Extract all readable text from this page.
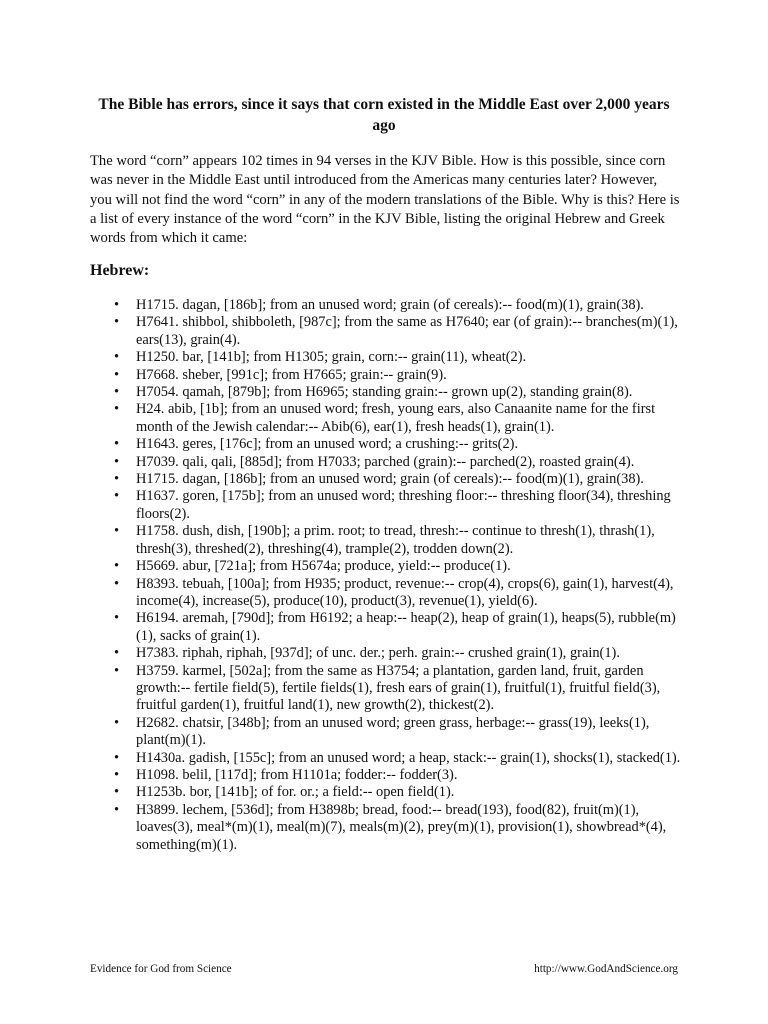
The Bible has errors, since it says that corn existed in the Middle East over 2,000 years ago

The word “corn” appears 102 times in 94 verses in the KJV Bible. How is this possible, since corn was never in the Middle East until introduced from the Americas many centuries later? However, you will not find the word “corn” in any of the modern translations of the Bible. Why is this? Here is a list of every instance of the word “corn” in the KJV Bible, listing the original Hebrew and Greek words from which it came:

Hebrew:
• H1715. dagan, [186b]; from an unused word; grain (of cereals):-- food(m)(1), grain(38).
• H7641. shibbol, shibboleth, [987c]; from the same as H7640; ear (of grain):-- branches(m)(1), ears(13), grain(4).
• H1250. bar, [141b]; from H1305; grain, corn:-- grain(11), wheat(2).
• H7668. sheber, [991c]; from H7665; grain:-- grain(9).
• H7054. qamah, [879b]; from H6965; standing grain:-- grown up(2), standing grain(8).
• H24. abib, [1b]; from an unused word; fresh, young ears, also Canaanite name for the first month of the Jewish calendar:-- Abib(6), ear(1), fresh heads(1), grain(1).
• H1643. geres, [176c]; from an unused word; a crushing:-- grits(2).
• H7039. qali, qali, [885d]; from H7033; parched (grain):-- parched(2), roasted grain(4).
• H1715. dagan, [186b]; from an unused word; grain (of cereals):-- food(m)(1), grain(38).
• H1637. goren, [175b]; from an unused word; threshing floor:-- threshing floor(34), threshing floors(2).
• H1758. dush, dish, [190b]; a prim. root; to tread, thresh:-- continue to thresh(1), thrash(1), thresh(3), threshed(2), threshing(4), trample(2), trodden down(2).
• H5669. abur, [721a]; from H5674a; produce, yield:-- produce(1).
• H8393. tebuah, [100a]; from H935; product, revenue:-- crop(4), crops(6), gain(1), harvest(4), income(4), increase(5), produce(10), product(3), revenue(1), yield(6).
• H6194. aremah, [790d]; from H6192; a heap:-- heap(2), heap of grain(1), heaps(5), rubble(m)(1), sacks of grain(1).
• H7383. riphah, riphah, [937d]; of unc. der.; perh. grain:-- crushed grain(1), grain(1).
• H3759. karmel, [502a]; from the same as H3754; a plantation, garden land, fruit, garden growth:-- fertile field(5), fertile fields(1), fresh ears of grain(1), fruitful(1), fruitful field(3), fruitful garden(1), fruitful land(1), new growth(2), thickest(2).
• H2682. chatsir, [348b]; from an unused word; green grass, herbage:-- grass(19), leeks(1), plant(m)(1).
• H1430a. gadish, [155c]; from an unused word; a heap, stack:-- grain(1), shocks(1), stacked(1).
• H1098. belil, [117d]; from H1101a; fodder:-- fodder(3).
• H1253b. bor, [141b]; of for. or.; a field:-- open field(1).
• H3899. lechem, [536d]; from H3898b; bread, food:-- bread(193), food(82), fruit(m)(1), loaves(3), meal*(m)(1), meal(m)(7), meals(m)(2), prey(m)(1), provision(1), showbread*(4), something(m)(1).
Evidence for God from Science	http://www.GodAndScience.org
